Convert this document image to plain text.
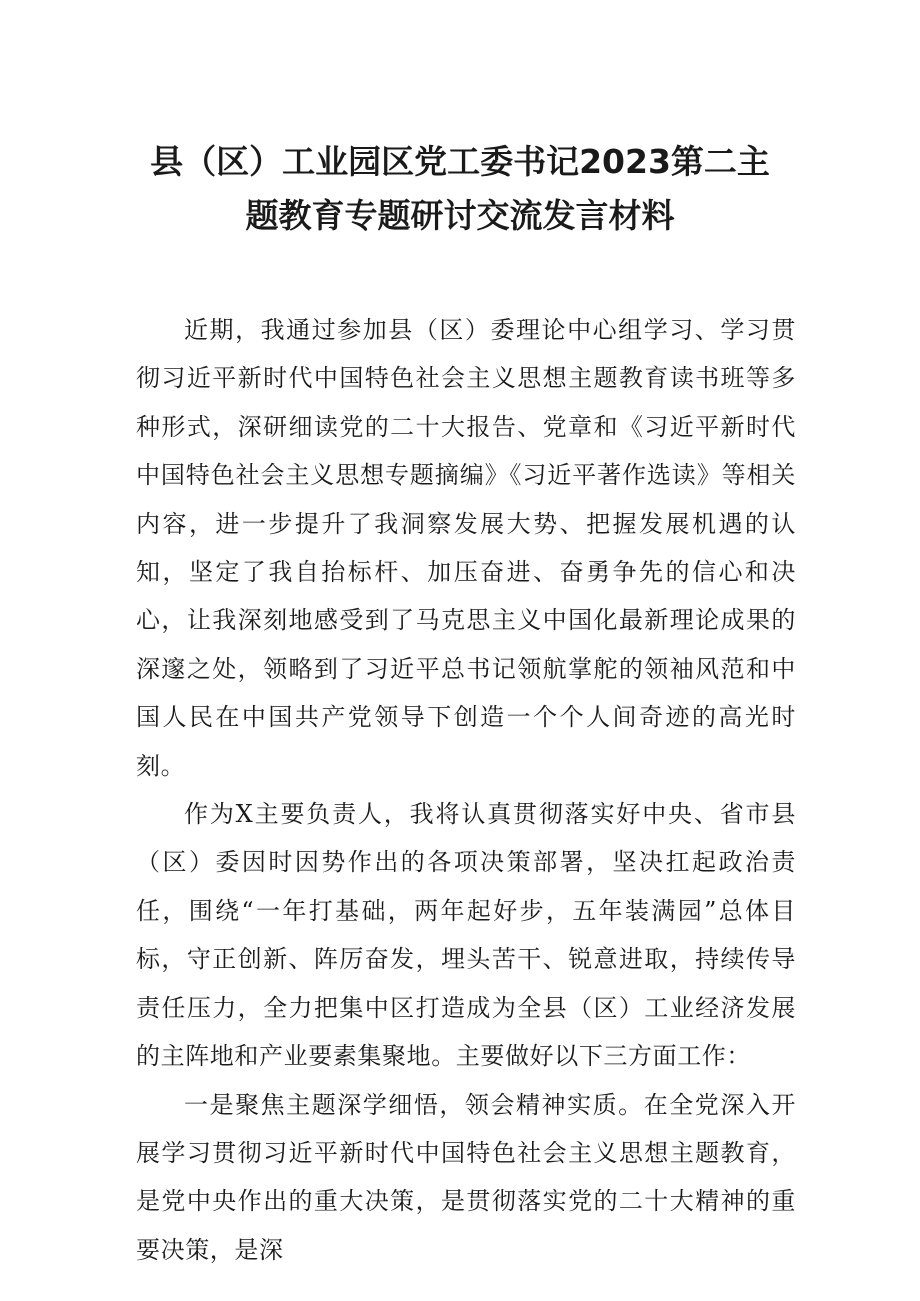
县（区）工业园区党工委书记2023第二主
题教育专题研讨交流发言材料

近期，我通过参加县（区）委理论中心组学习、学习贯彻习近平新时代中国特色社会主义思想主题教育读书班等多种形式，深研细读党的二十大报告、党章和《习近平新时代中国特色社会主义思想专题摘编》《习近平著作选读》等相关内容，进一步提升了我洞察发展大势、把握发展机遇的认知，坚定了我自抬标杆、加压奋进、奋勇争先的信心和决心，让我深刻地感受到了马克思主义中国化最新理论成果的深邃之处，领略到了习近平总书记领航掌舵的领袖风范和中国人民在中国共产党领导下创造一个个人间奇迹的高光时刻。

作为X主要负责人，我将认真贯彻落实好中央、省市县（区）委因时因势作出的各项决策部署，坚决扛起政治责任，围绕“一年打基础，两年起好步，五年装满园”总体目标，守正创新、阵厉奋发，埋头苦干、锐意进取，持续传导责任压力，全力把集中区打造成为全县（区）工业经济发展的主阵地和产业要素集聚地。主要做好以下三方面工作：

一是聚焦主题深学细悟，领会精神实质。在全党深入开展学习贯彻习近平新时代中国特色社会主义思想主题教育，是党中央作出的重大决策，是贯彻落实党的二十大精神的重要决策，是深
